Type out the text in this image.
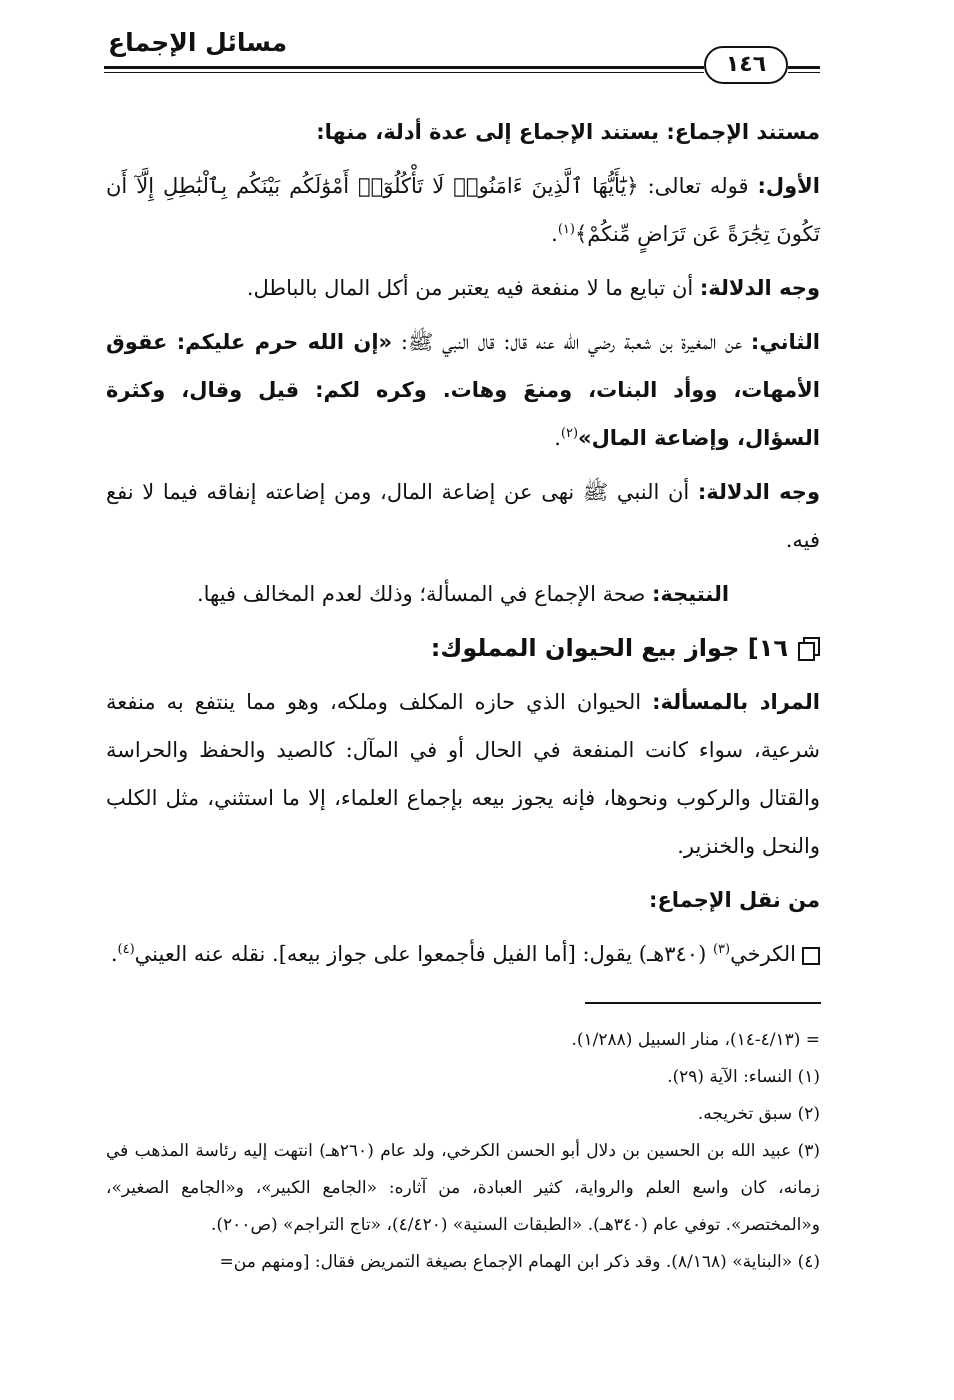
مسائل الإجماع
١٤٦

مستند الإجماع: يستند الإجماع إلى عدة أدلة، منها:

الأول: قوله تعالى: ﴿يَٰٓأَيُّهَا ٱلَّذِينَ ءَامَنُوا۟ لَا تَأْكُلُوٓا۟ أَمْوَٰلَكُم بَيْنَكُم بِٱلْبَٰطِلِ إِلَّآ أَن تَكُونَ تِجَٰرَةً عَن تَرَاضٍ مِّنكُمْ﴾$^{(١)}$.

وجه الدلالة: أن تبايع ما لا منفعة فيه يعتبر من أكل المال بالباطل.

الثاني: عن المغيرة بن شعبة رضي الله عنه قال: قال النبي ﷺ: «إن الله حرم عليكم: عقوق الأمهات، ووأد البنات، ومنعَ وهات. وكره لكم: قيل وقال، وكثرة السؤال، وإضاعة المال»$^{(٢)}$.

وجه الدلالة: أن النبي ﷺ نهى عن إضاعة المال، ومن إضاعته إنفاقه فيما لا نفع فيه.

النتيجة: صحة الإجماع في المسألة؛ وذلك لعدم المخالف فيها.

١٦] جواز بيع الحيوان المملوك:

المراد بالمسألة: الحيوان الذي حازه المكلف وملكه، وهو مما ينتفع به منفعة شرعية، سواء كانت المنفعة في الحال أو في المآل: كالصيد والحفظ والحراسة والقتال والركوب ونحوها، فإنه يجوز بيعه بإجماع العلماء، إلا ما استثني، مثل الكلب والنحل والخنزير.

من نقل الإجماع:

الكرخي$^{(٣)}$ (٣٤٠هـ) يقول: [أما الفيل فأجمعوا على جواز بيعه]. نقله عنه العيني$^{(٤)}$.

= (٤/١٣-١٤)، منار السبيل (١/٢٨٨).

(١) النساء: الآية (٢٩).

(٢) سبق تخريجه.

(٣) عبيد الله بن الحسين بن دلال أبو الحسن الكرخي، ولد عام (٢٦٠هـ) انتهت إليه رئاسة المذهب في زمانه، كان واسع العلم والرواية، كثير العبادة، من آثاره: «الجامع الكبير»، و«الجامع الصغير»، و«المختصر». توفي عام (٣٤٠هـ). «الطبقات السنية» (٤/٤٢٠)، «تاج التراجم» (ص٢٠٠).

(٤) «البناية» (٨/١٦٨). وقد ذكر ابن الهمام الإجماع بصيغة التمريض فقال: [ومنهم من=
